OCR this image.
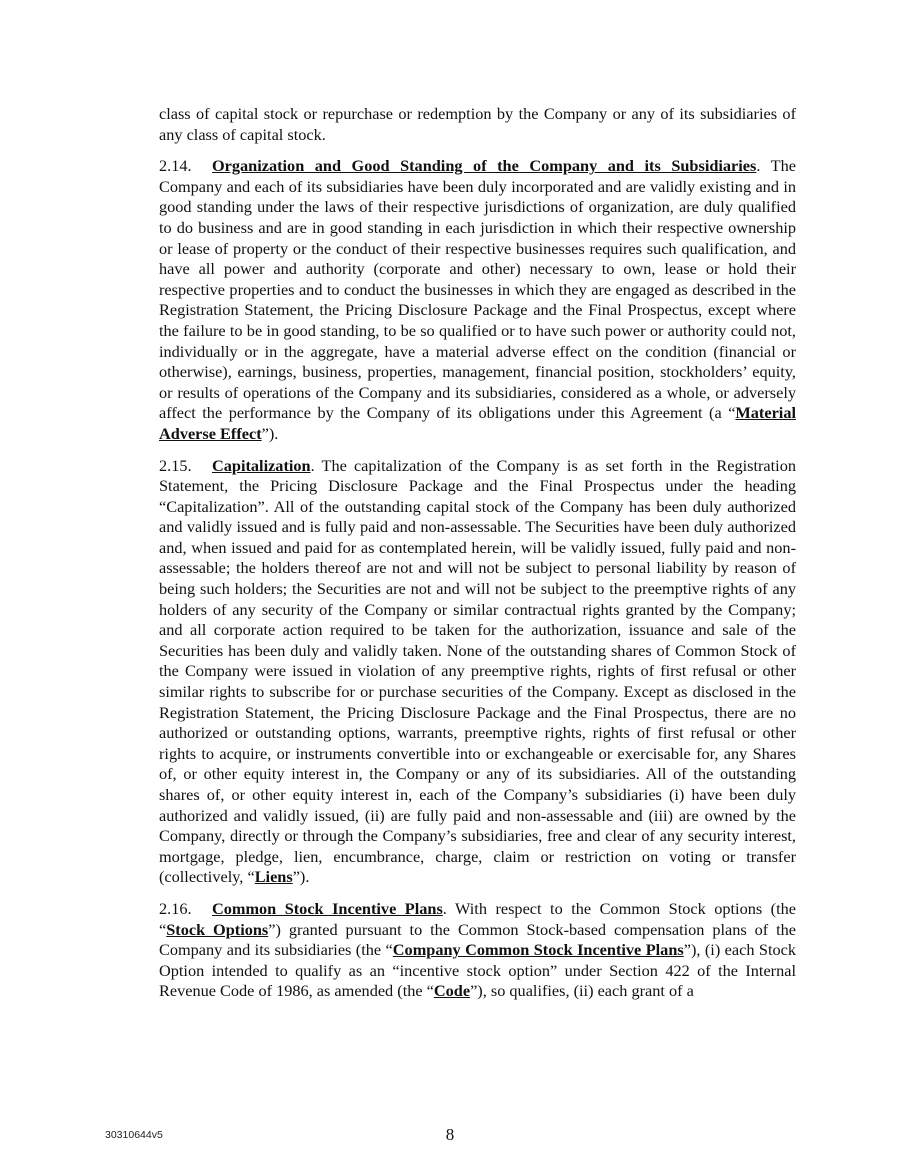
class of capital stock or repurchase or redemption by the Company or any of its subsidiaries of any class of capital stock.

2.14. Organization and Good Standing of the Company and its Subsidiaries. The Company and each of its subsidiaries have been duly incorporated and are validly existing and in good standing under the laws of their respective jurisdictions of organization, are duly qualified to do business and are in good standing in each jurisdiction in which their respective ownership or lease of property or the conduct of their respective businesses requires such qualification, and have all power and authority (corporate and other) necessary to own, lease or hold their respective properties and to conduct the businesses in which they are engaged as described in the Registration Statement, the Pricing Disclosure Package and the Final Prospectus, except where the failure to be in good standing, to be so qualified or to have such power or authority could not, individually or in the aggregate, have a material adverse effect on the condition (financial or otherwise), earnings, business, properties, management, financial position, stockholders’ equity, or results of operations of the Company and its subsidiaries, considered as a whole, or adversely affect the performance by the Company of its obligations under this Agreement (a “Material Adverse Effect”).

2.15. Capitalization. The capitalization of the Company is as set forth in the Registration Statement, the Pricing Disclosure Package and the Final Prospectus under the heading “Capitalization”. All of the outstanding capital stock of the Company has been duly authorized and validly issued and is fully paid and non-assessable. The Securities have been duly authorized and, when issued and paid for as contemplated herein, will be validly issued, fully paid and non-assessable; the holders thereof are not and will not be subject to personal liability by reason of being such holders; the Securities are not and will not be subject to the preemptive rights of any holders of any security of the Company or similar contractual rights granted by the Company; and all corporate action required to be taken for the authorization, issuance and sale of the Securities has been duly and validly taken. None of the outstanding shares of Common Stock of the Company were issued in violation of any preemptive rights, rights of first refusal or other similar rights to subscribe for or purchase securities of the Company. Except as disclosed in the Registration Statement, the Pricing Disclosure Package and the Final Prospectus, there are no authorized or outstanding options, warrants, preemptive rights, rights of first refusal or other rights to acquire, or instruments convertible into or exchangeable or exercisable for, any Shares of, or other equity interest in, the Company or any of its subsidiaries. All of the outstanding shares of, or other equity interest in, each of the Company’s subsidiaries (i) have been duly authorized and validly issued, (ii) are fully paid and non-assessable and (iii) are owned by the Company, directly or through the Company’s subsidiaries, free and clear of any security interest, mortgage, pledge, lien, encumbrance, charge, claim or restriction on voting or transfer (collectively, “Liens”).

2.16. Common Stock Incentive Plans. With respect to the Common Stock options (the “Stock Options”) granted pursuant to the Common Stock-based compensation plans of the Company and its subsidiaries (the “Company Common Stock Incentive Plans”), (i) each Stock Option intended to qualify as an “incentive stock option” under Section 422 of the Internal Revenue Code of 1986, as amended (the “Code”), so qualifies, (ii) each grant of a

30310644v5	8
